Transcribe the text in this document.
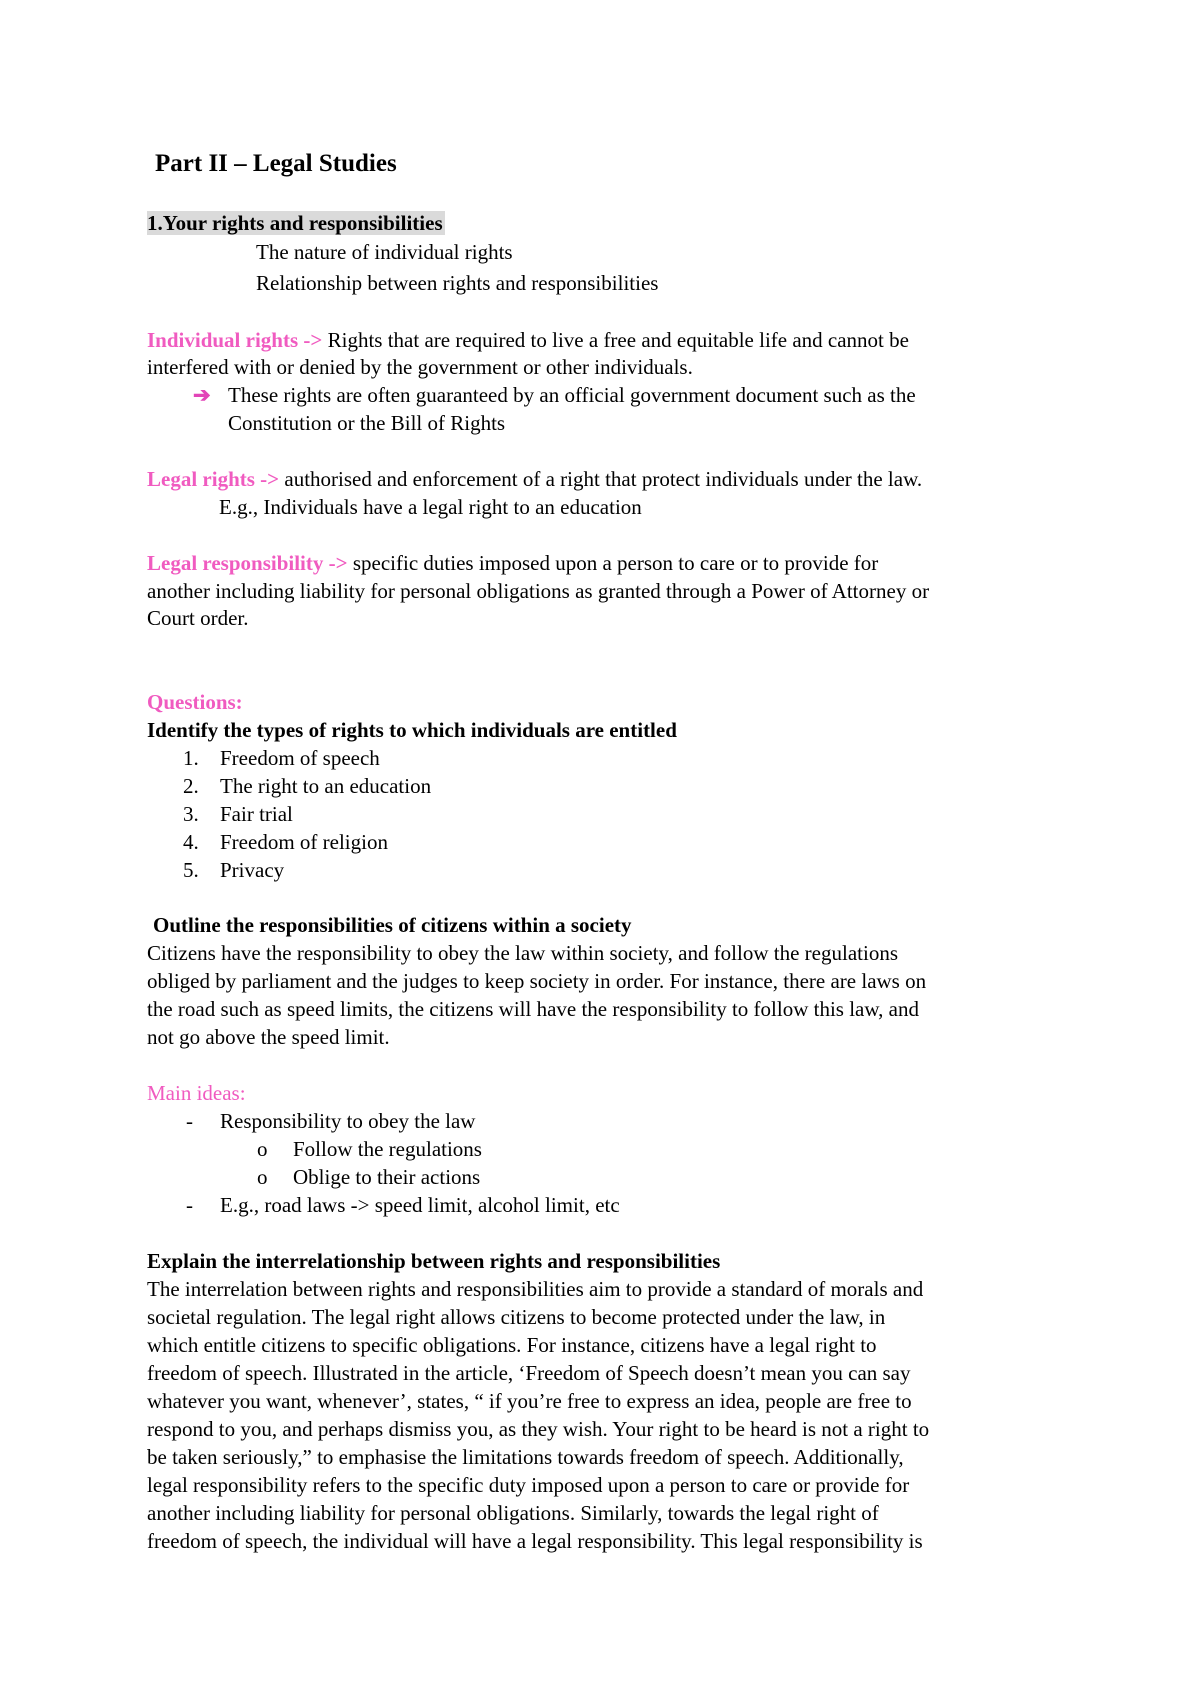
Part II – Legal Studies
1.Your rights and responsibilities
The nature of individual rights
Relationship between rights and responsibilities
Individual rights -> Rights that are required to live a free and equitable life and cannot be
interfered with or denied by the government or other individuals.
➔ These rights are often guaranteed by an official government document such as the
Constitution or the Bill of Rights
Legal rights -> authorised and enforcement of a right that protect individuals under the law.
E.g., Individuals have a legal right to an education
Legal responsibility -> specific duties imposed upon a person to care or to provide for
another including liability for personal obligations as granted through a Power of Attorney or
Court order.
Questions:
Identify the types of rights to which individuals are entitled
1. Freedom of speech
2. The right to an education
3. Fair trial
4. Freedom of religion
5. Privacy
Outline the responsibilities of citizens within a society
Citizens have the responsibility to obey the law within society, and follow the regulations
obliged by parliament and the judges to keep society in order. For instance, there are laws on
the road such as speed limits, the citizens will have the responsibility to follow this law, and
not go above the speed limit.
Main ideas:
- Responsibility to obey the law
o Follow the regulations
o Oblige to their actions
- E.g., road laws -> speed limit, alcohol limit, etc
Explain the interrelationship between rights and responsibilities
The interrelation between rights and responsibilities aim to provide a standard of morals and
societal regulation. The legal right allows citizens to become protected under the law, in
which entitle citizens to specific obligations. For instance, citizens have a legal right to
freedom of speech. Illustrated in the article, ‘Freedom of Speech doesn’t mean you can say
whatever you want, whenever’, states, “ if you’re free to express an idea, people are free to
respond to you, and perhaps dismiss you, as they wish. Your right to be heard is not a right to
be taken seriously,” to emphasise the limitations towards freedom of speech. Additionally,
legal responsibility refers to the specific duty imposed upon a person to care or provide for
another including liability for personal obligations. Similarly, towards the legal right of
freedom of speech, the individual will have a legal responsibility. This legal responsibility is
